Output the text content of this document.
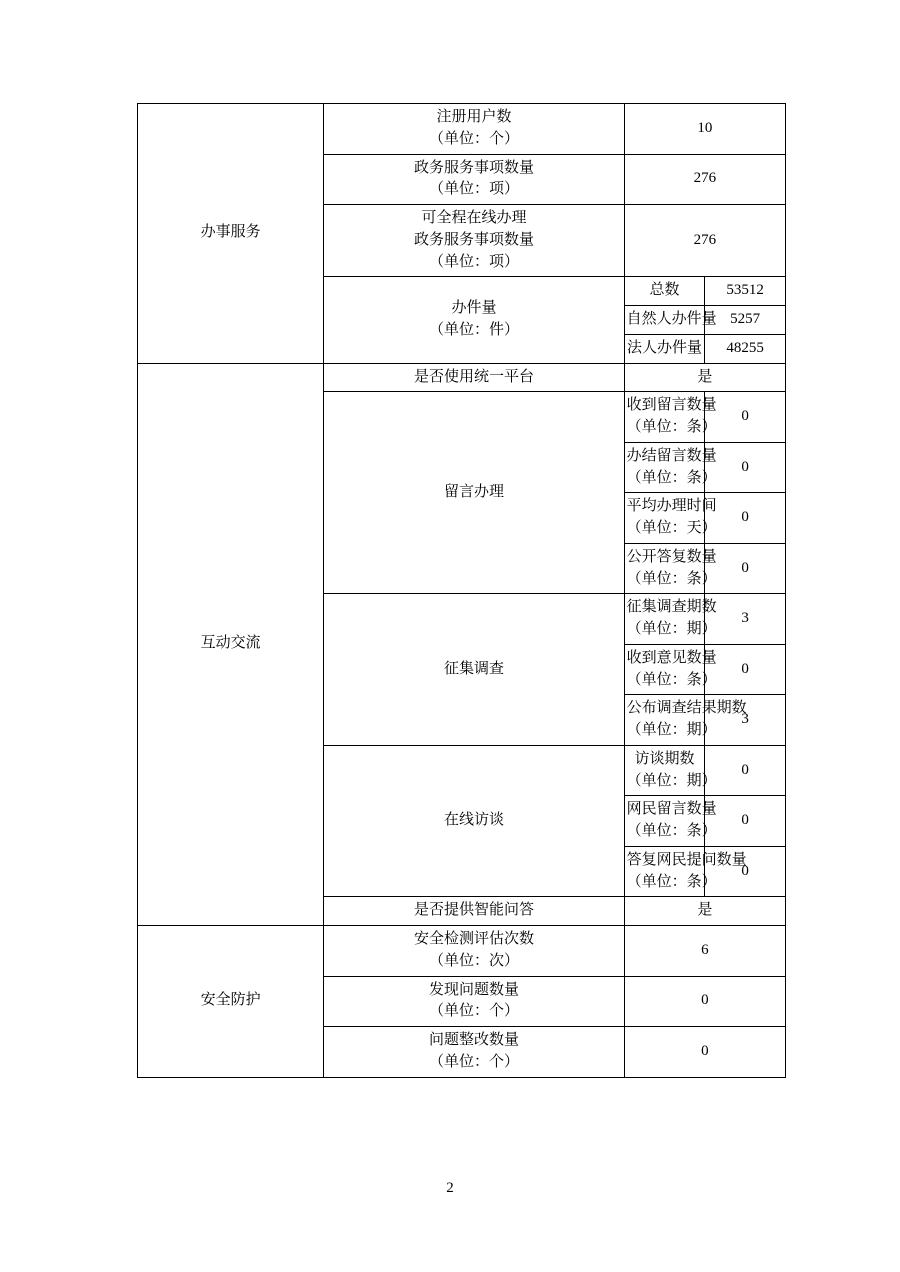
办事服务	注册用户数
（单位：个）	10	

	政务服务事项数量
（单位：项）	276	

	可全程在线办理
政务服务事项数量
（单位：项）	276	

	办件量
（单位：件）	总数	53512

		自然人办件量	5257

		法人办件量	48255

互动交流	是否使用统一平台	是	

	留言办理	收到留言数量
（单位：条）	0

		办结留言数量
（单位：条）	0

		平均办理时间
（单位：天）	0

		公开答复数量
（单位：条）	0

	征集调查	征集调查期数
（单位：期）	3

		收到意见数量
（单位：条）	0

		公布调查结果期数
（单位：期）	3

	在线访谈	访谈期数
（单位：期）	0

		网民留言数量
（单位：条）	0

		答复网民提问数量
（单位：条）	0

	是否提供智能问答	是	

安全防护	安全检测评估次数
（单位：次）	6	

	发现问题数量
（单位：个）	0	

	问题整改数量
（单位：个）	0	
2
